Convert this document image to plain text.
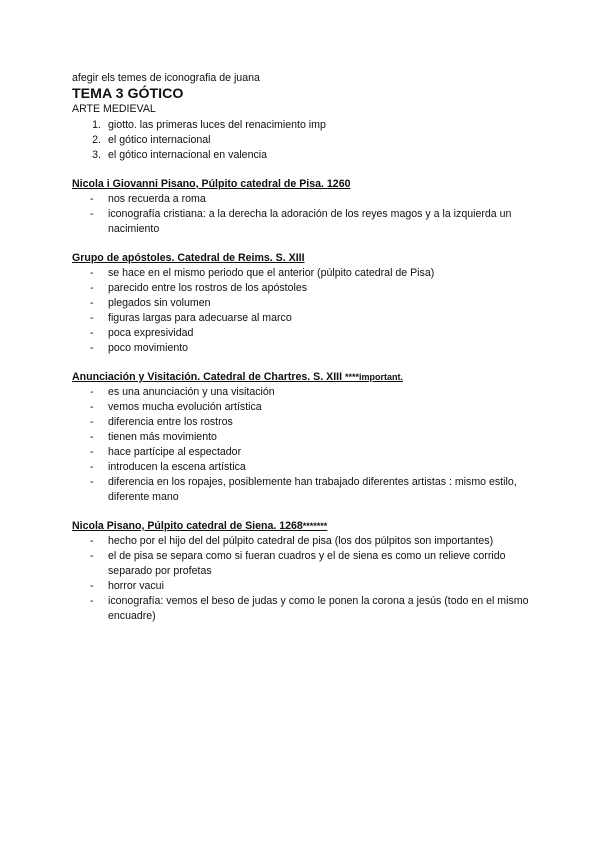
afegir els temes de iconografia de juana
TEMA 3 GÓTICO
ARTE MEDIEVAL
1. giotto. las primeras luces del renacimiento imp
2. el gótico internacional
3. el gótico internacional en valencia
Nicola i Giovanni Pisano, Púlpito catedral de Pisa. 1260
-	nos recuerda a roma
-	iconografía cristiana: a la derecha la adoración de los reyes magos y a la izquierda un nacimiento
Grupo de apóstoles. Catedral de Reims. S. XIII
-	se hace en el mismo periodo que el anterior (púlpito catedral de Pisa)
-	parecido entre los rostros de los apóstoles
-	plegados sin volumen
-	figuras largas para adecuarse al marco
-	poca expresividad
-	poco movimiento
Anunciación y Visitación. Catedral de Chartres. S. XIII ****important.
-	es una anunciación y una visitación
-	vemos mucha evolución artística
-	diferencia entre los rostros
-	tienen más movimiento
-	hace partícipe al espectador
-	introducen la escena artística
-	diferencia en los ropajes, posiblemente han trabajado diferentes artistas : mismo estilo, diferente mano
Nicola Pisano, Púlpito catedral de Siena. 1268*******
-	hecho por el hijo del del púlpito catedral de pisa (los dos púlpitos son importantes)
-	el de pisa se separa como si fueran cuadros y el de siena es como un relieve corrido separado por profetas
-	horror vacui
-	iconografía: vemos el beso de judas y como le ponen la corona a jesús (todo en el mismo encuadre)
